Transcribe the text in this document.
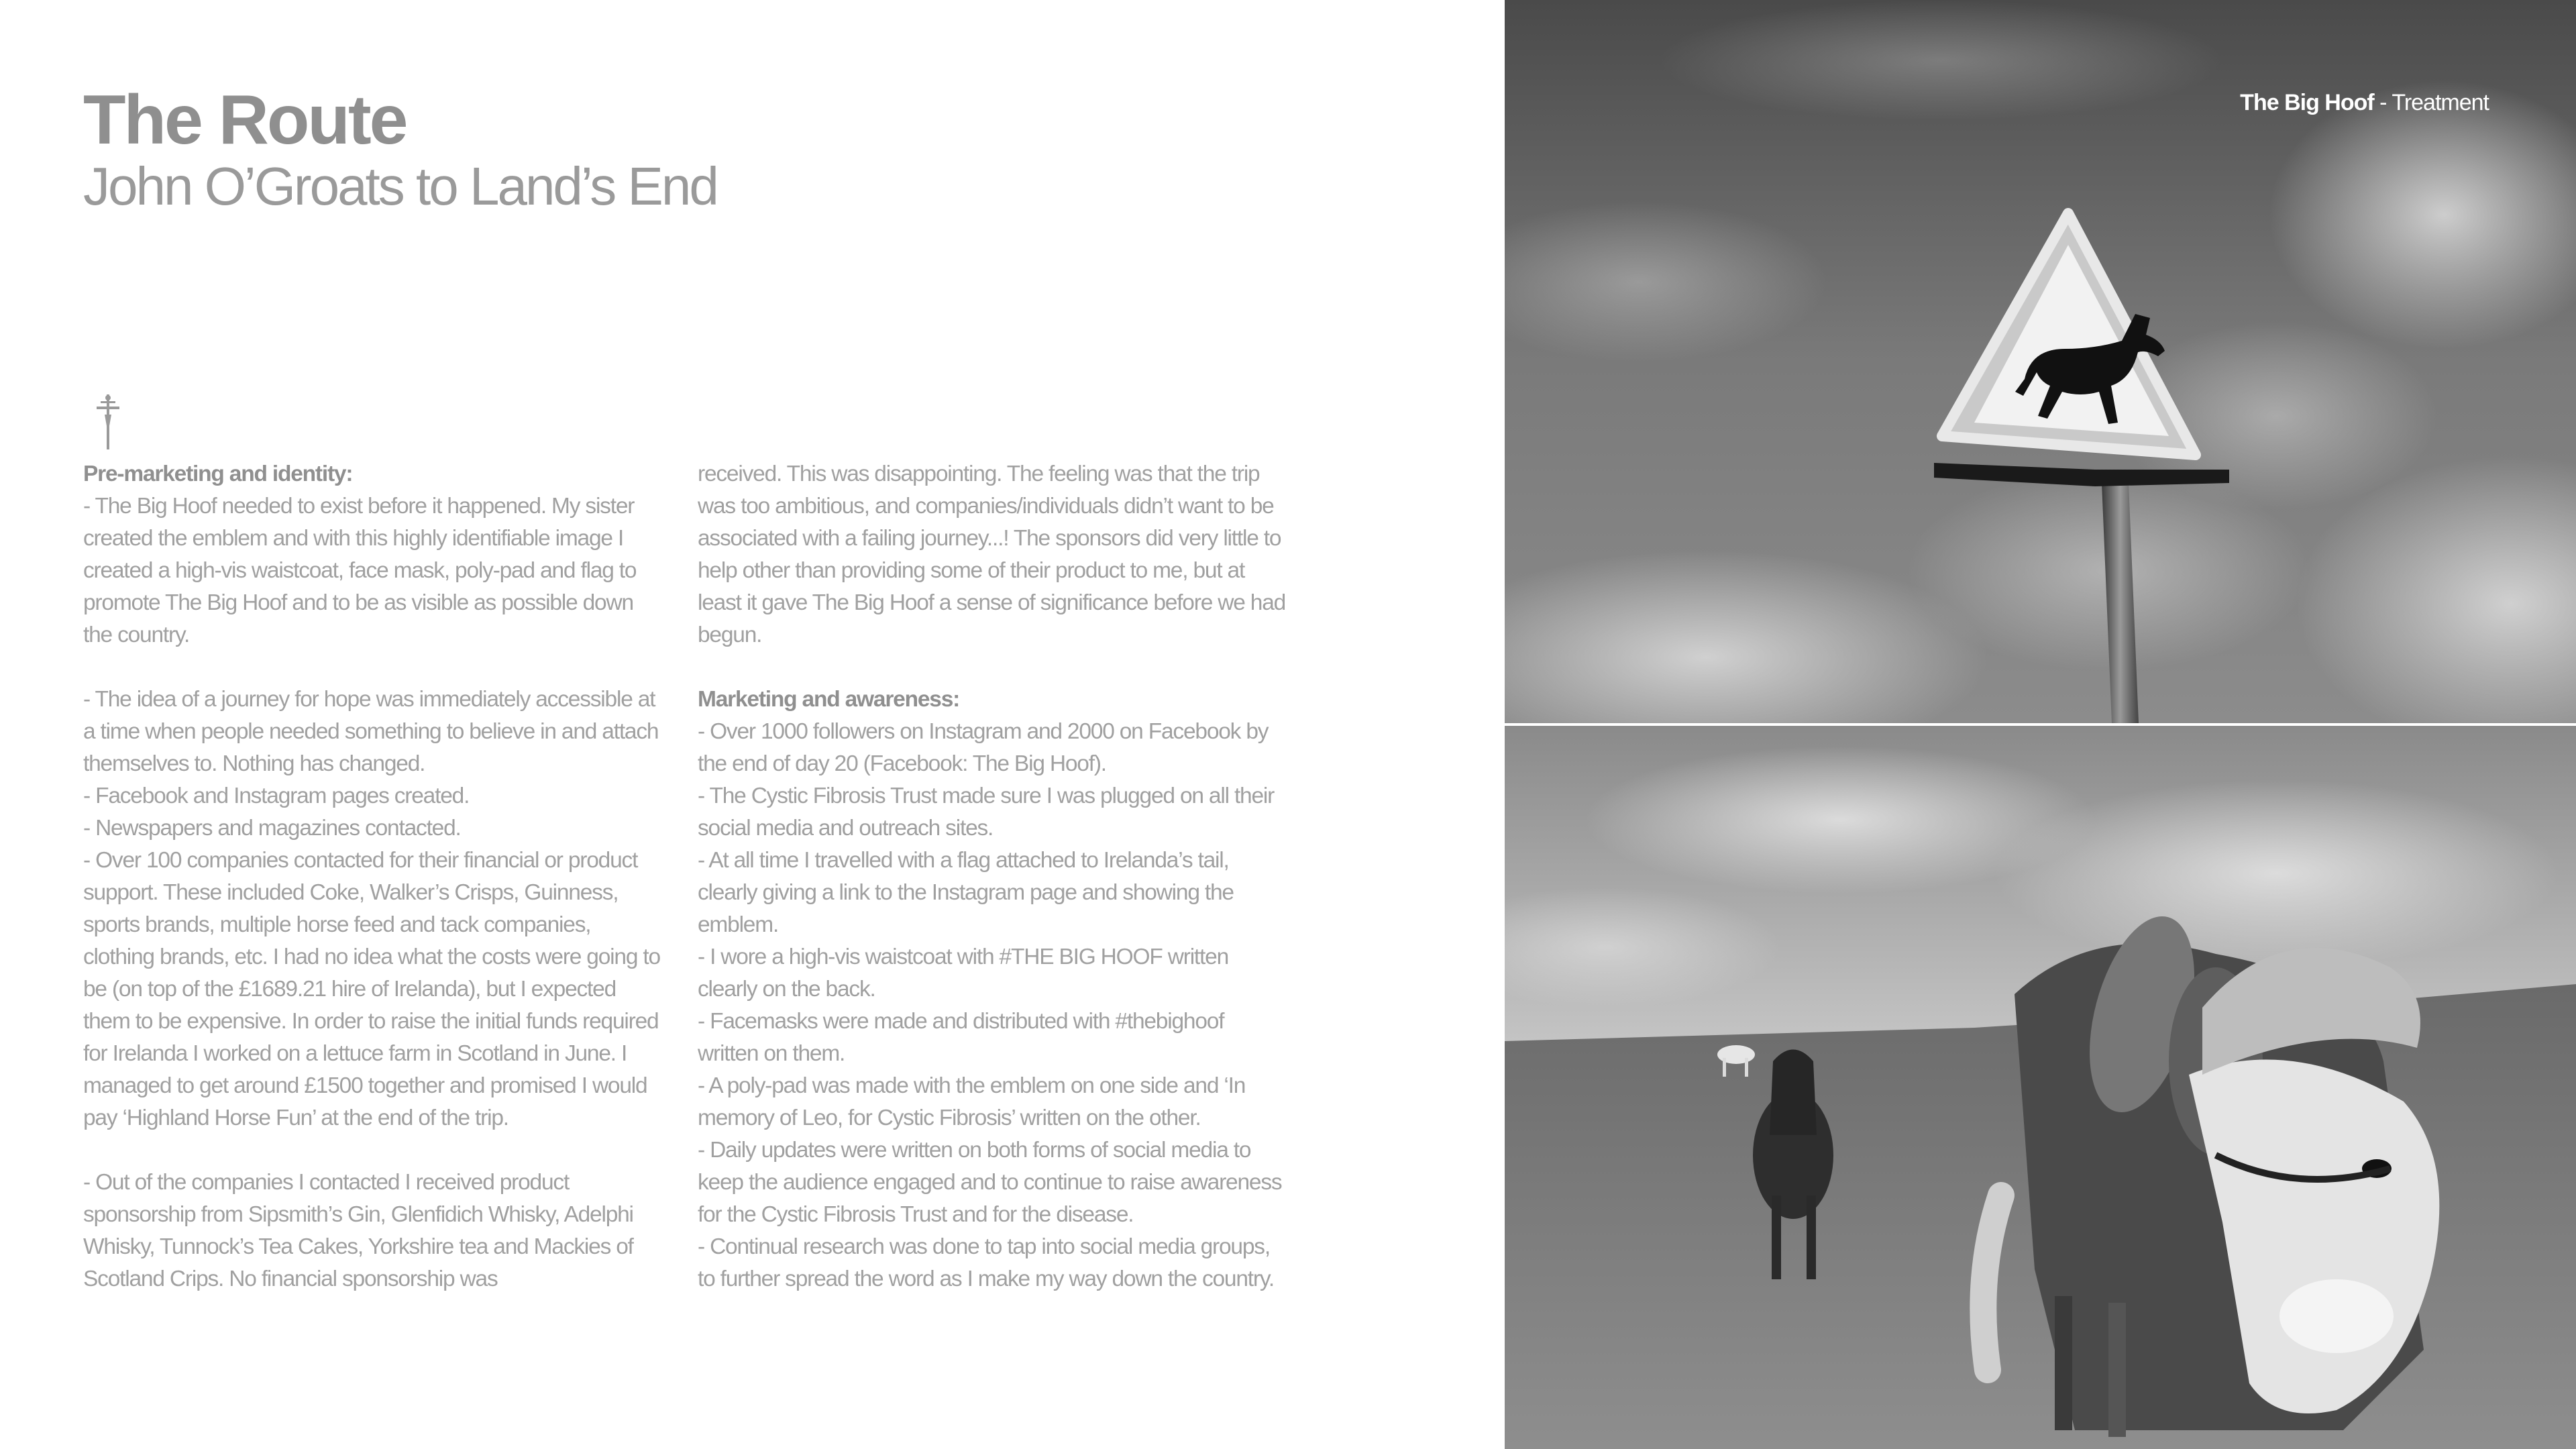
The Route
John O’Groats to Land’s End

Pre-marketing and identity:

- The Big Hoof needed to exist before it happened. My sister created the emblem and with this highly identifiable image I created a high-vis waistcoat, face mask, poly-pad and flag to promote The Big Hoof and to be as visible as possible down the country.

- The idea of a journey for hope was immediately accessible at a time when people needed something to believe in and attach themselves to. Nothing has changed.

- Facebook and Instagram pages created.

- Newspapers and magazines contacted.

- Over 100 companies contacted for their financial or product support. These included Coke, Walker’s Crisps, Guinness, sports brands, multiple horse feed and tack companies, clothing brands, etc. I had no idea what the costs were going to be (on top of the £1689.21 hire of Irelanda), but I expected them to be expensive. In order to raise the initial funds required for Irelanda I worked on a lettuce farm in Scotland in June. I managed to get around £1500 together and promised I would pay ‘Highland Horse Fun’ at the end of the trip.

- Out of the companies I contacted I received product sponsorship from Sipsmith’s Gin, Glenfidich Whisky, Adelphi Whisky, Tunnock’s Tea Cakes, Yorkshire tea and Mackies of Scotland Crips. No financial sponsorship was

received. This was disappointing. The feeling was that the trip was too ambitious, and companies/individuals didn’t want to be associated with a failing journey...! The sponsors did very little to help other than providing some of their product to me, but at least it gave The Big Hoof a sense of significance before we had begun.

Marketing and awareness:

- Over 1000 followers on Instagram and 2000 on Facebook by the end of day 20 (Facebook: The Big Hoof).

- The Cystic Fibrosis Trust made sure I was plugged on all their social media and outreach sites.

- At all time I travelled with a flag attached to Irelanda’s tail, clearly giving a link to the Instagram page and showing the emblem.

- I wore a high-vis waistcoat with #THE BIG HOOF written clearly on the back.

- Facemasks were made and distributed with #thebighoof written on them.

- A poly-pad was made with the emblem on one side and ‘In memory of Leo, for Cystic Fibrosis’ written on the other.

- Daily updates were written on both forms of social media to keep the audience engaged and to continue to raise awareness for the Cystic Fibrosis Trust and for the disease.

- Continual research was done to tap into social media groups, to further spread the word as I make my way down the country.

The Big Hoof - Treatment
